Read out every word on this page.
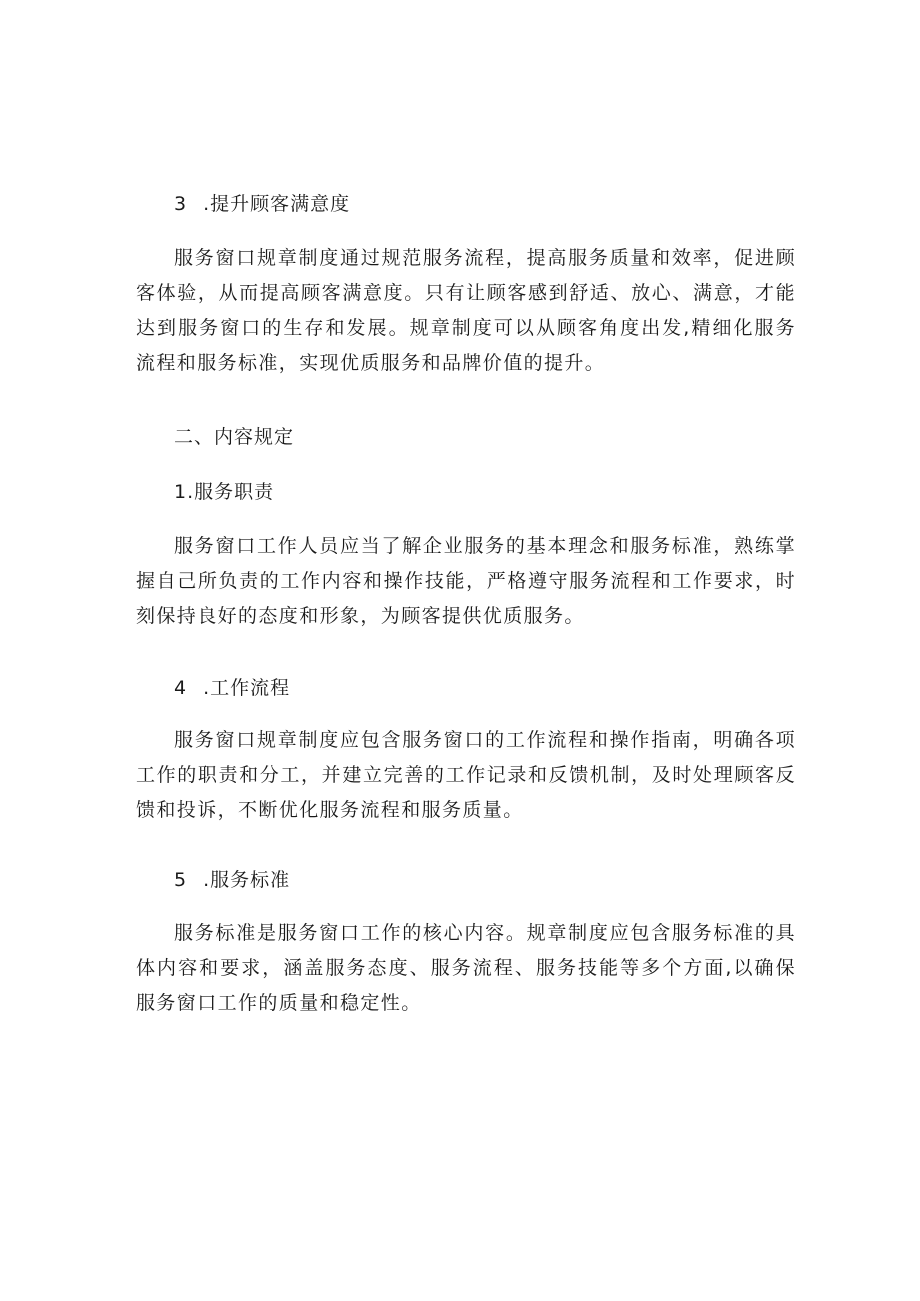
3 .提升顾客满意度
服务窗口规章制度通过规范服务流程，提高服务质量和效率，促进顾客体验，从而提高顾客满意度。只有让顾客感到舒适、放心、满意，才能达到服务窗口的生存和发展。规章制度可以从顾客角度出发,精细化服务流程和服务标准，实现优质服务和品牌价值的提升。
二、内容规定
1.服务职责
服务窗口工作人员应当了解企业服务的基本理念和服务标准，熟练掌握自己所负责的工作内容和操作技能，严格遵守服务流程和工作要求，时刻保持良好的态度和形象，为顾客提供优质服务。
4 .工作流程
服务窗口规章制度应包含服务窗口的工作流程和操作指南，明确各项工作的职责和分工，并建立完善的工作记录和反馈机制，及时处理顾客反馈和投诉，不断优化服务流程和服务质量。
5 .服务标准
服务标准是服务窗口工作的核心内容。规章制度应包含服务标准的具体内容和要求，涵盖服务态度、服务流程、服务技能等多个方面,以确保服务窗口工作的质量和稳定性。
